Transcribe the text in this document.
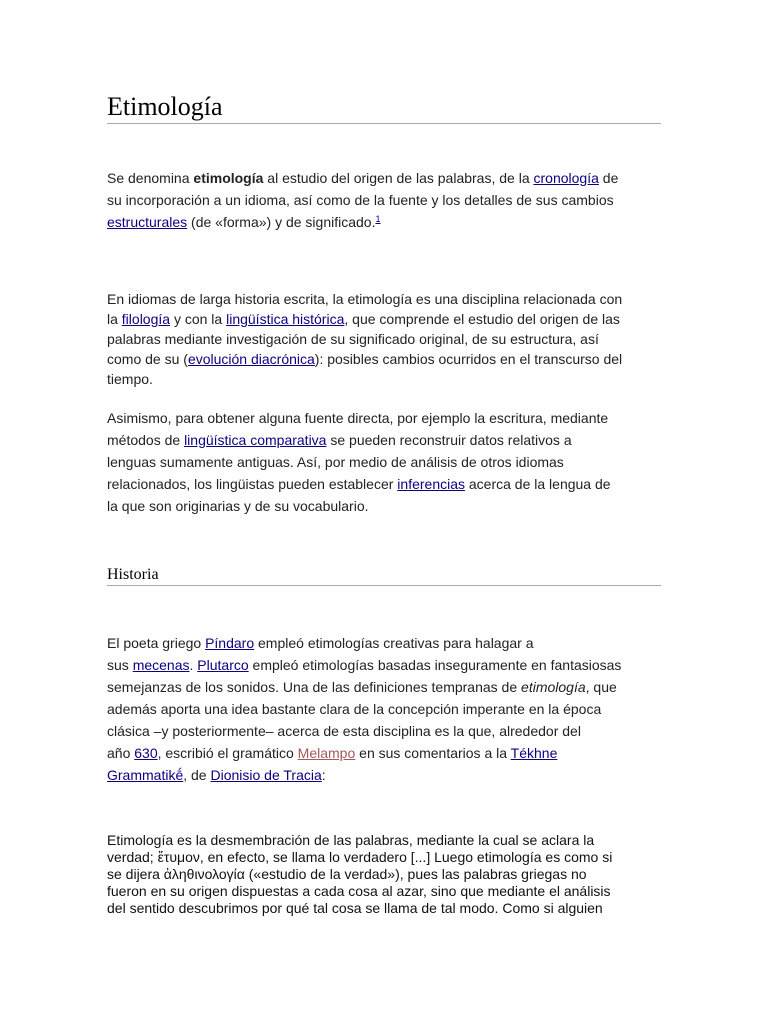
Etimología

Se denomina etimología al estudio del origen de las palabras, de la cronología de
su incorporación a un idioma, así como de la fuente y los detalles de sus cambios
estructurales (de «forma») y de significado.$^1$

En idiomas de larga historia escrita, la etimología es una disciplina relacionada con
la filología y con la lingüística histórica, que comprende el estudio del origen de las
palabras mediante investigación de su significado original, de su estructura, así
como de su (evolución diacrónica): posibles cambios ocurridos en el transcurso del
tiempo.

Asimismo, para obtener alguna fuente directa, por ejemplo la escritura, mediante
métodos de lingüística comparativa se pueden reconstruir datos relativos a
lenguas sumamente antiguas. Así, por medio de análisis de otros idiomas
relacionados, los lingüistas pueden establecer inferencias acerca de la lengua de
la que son originarias y de su vocabulario.

Historia

El poeta griego Píndaro empleó etimologías creativas para halagar a
sus mecenas. Plutarco empleó etimologías basadas inseguramente en fantasiosas
semejanzas de los sonidos. Una de las definiciones tempranas de etimología, que
además aporta una idea bastante clara de la concepción imperante en la época
clásica –y posteriormente– acerca de esta disciplina es la que, alrededor del
año 630, escribió el gramático Melampo en sus comentarios a la Tékhne
Grammatikḗ, de Dionisio de Tracia:

Etimología es la desmembración de las palabras, mediante la cual se aclara la
verdad; ἔτυμον, en efecto, se llama lo verdadero [...] Luego etimología es como si
se dijera ἀληθινολογία («estudio de la verdad»), pues las palabras griegas no
fueron en su origen dispuestas a cada cosa al azar, sino que mediante el análisis
del sentido descubrimos por qué tal cosa se llama de tal modo. Como si alguien
